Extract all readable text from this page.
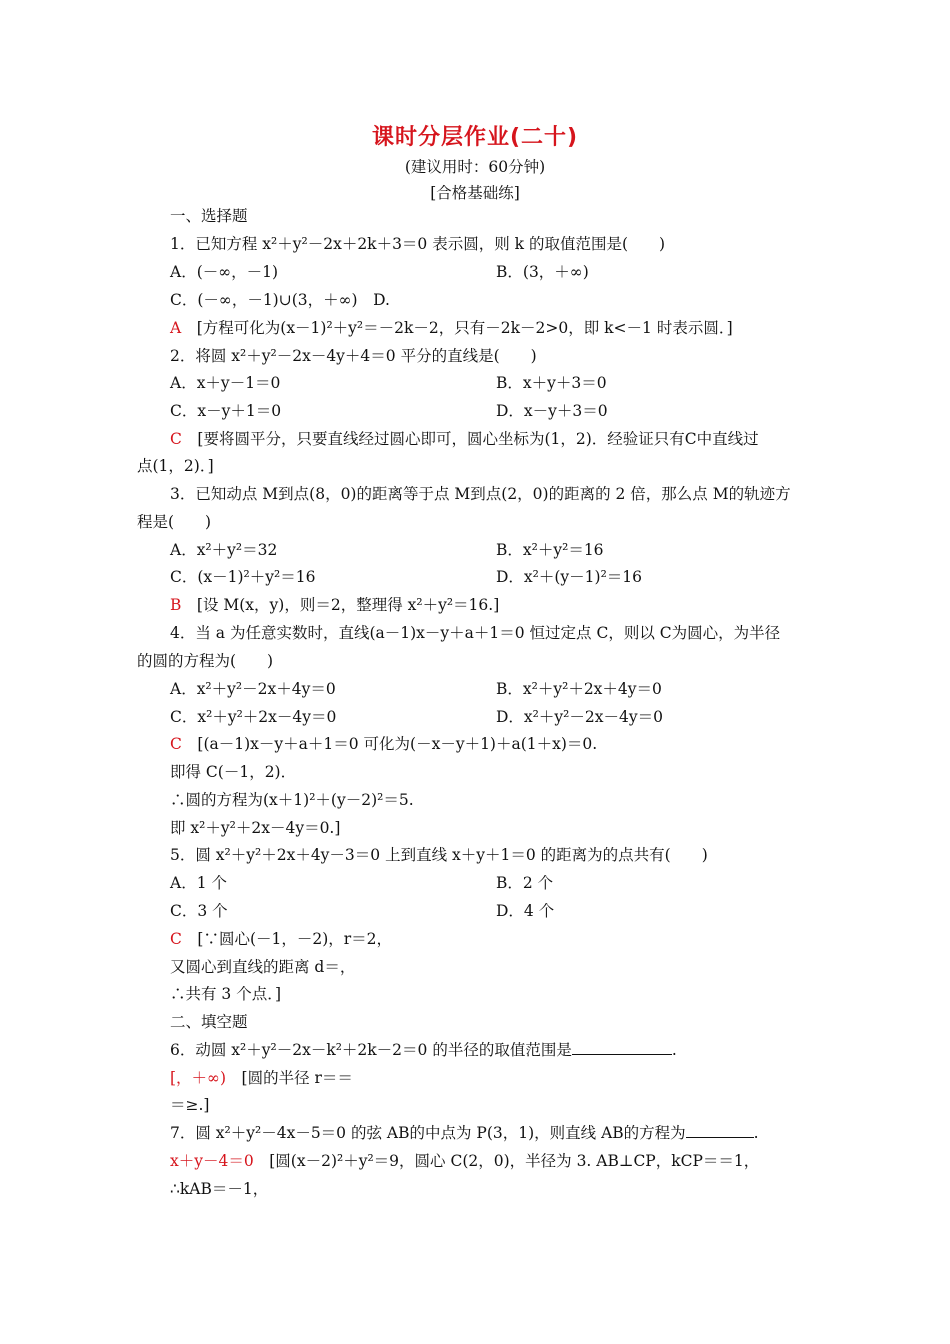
课时分层作业(二十)
(建议用时：60分钟)
[合格基础练]
一、选择题
1．已知方程 x²＋y²－2x＋2k＋3＝0 表示圆，则 k 的取值范围是(　　)
A．(－∞，－1)	B．(3，＋∞)
C．(－∞，－1)∪(3，＋∞)　D.
A　 [方程可化为(x－1)²＋y²＝－2k－2，只有－2k－2>0，即 k<－1 时表示圆．]
2．将圆 x²＋y²－2x－4y＋4＝0 平分的直线是(　　)
A．x＋y－1＝0	B．x＋y＋3＝0
C．x－y＋1＝0	D．x－y＋3＝0
C　 [要将圆平分，只要直线经过圆心即可，圆心坐标为(1，2)．经验证只有C中直线过
点(1，2)．]
3．已知动点 M到点(8，0)的距离等于点 M到点(2，0)的距离的 2 倍，那么点 M的轨迹方
程是(　　)
A．x²＋y²＝32	B．x²＋y²＝16
C．(x－1)²＋y²＝16	D．x²＋(y－1)²＝16
B　 [设 M(x，y)，则＝2，整理得 x²＋y²＝16.]
4．当 a 为任意实数时，直线(a－1)x－y＋a＋1＝0 恒过定点 C，则以 C为圆心，为半径
的圆的方程为(　　)
A．x²＋y²－2x＋4y＝0	B．x²＋y²＋2x＋4y＝0
C．x²＋y²＋2x－4y＝0	D．x²＋y²－2x－4y＝0
C　 [(a－1)x－y＋a＋1＝0 可化为(－x－y＋1)＋a(1＋x)＝0.
即得 C(－1，2)．
∴圆的方程为(x＋1)²＋(y－2)²＝5.
即 x²＋y²＋2x－4y＝0.]
5．圆 x²＋y²＋2x＋4y－3＝0 上到直线 x＋y＋1＝0 的距离为的点共有(　　)
A．1 个	B．2 个
C．3 个	D．4 个
C　 [∵圆心(－1，－2)，r＝2，
又圆心到直线的距离 d＝，
∴共有 3 个点．]
二、填空题
6．动圆 x²＋y²－2x－k²＋2k－2＝0 的半径的取值范围是	.
[，＋∞)　 [圆的半径 r＝＝
＝≥.]
7．圆 x²＋y²－4x－5＝0 的弦 AB的中点为 P(3，1)，则直线 AB的方程为	.
x＋y－4＝0　 [圆(x－2)²＋y²＝9，圆心 C(2，0)，半径为 3. AB⊥CP，kCP＝＝1，
∴kAB＝－1，
